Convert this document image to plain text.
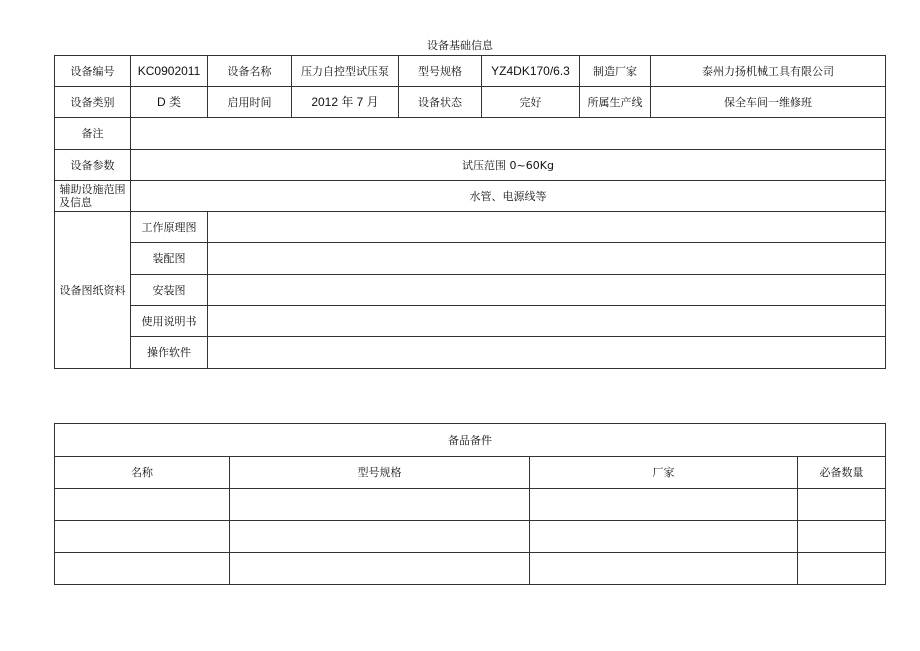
设备基础信息
设备编号	KC0902011	设备名称	压力自控型试压泵	型号规格	YZ4DK170/6.3	制造厂家	泰州力扬机械工具有限公司
设备类别	D 类	启用时间	2012 年 7 月	设备状态	完好	所属生产线	保全车间一维修班
备注							
设备参数	试压范围 0~60Kg						

辅助设施范围
及信息	水管、电源线等						
设备图纸资料	工作原理图						
	装配图						
	安装图						
	使用说明书						
	操作软件						
备品备件			
名称	型号规格	厂家	必备数量
